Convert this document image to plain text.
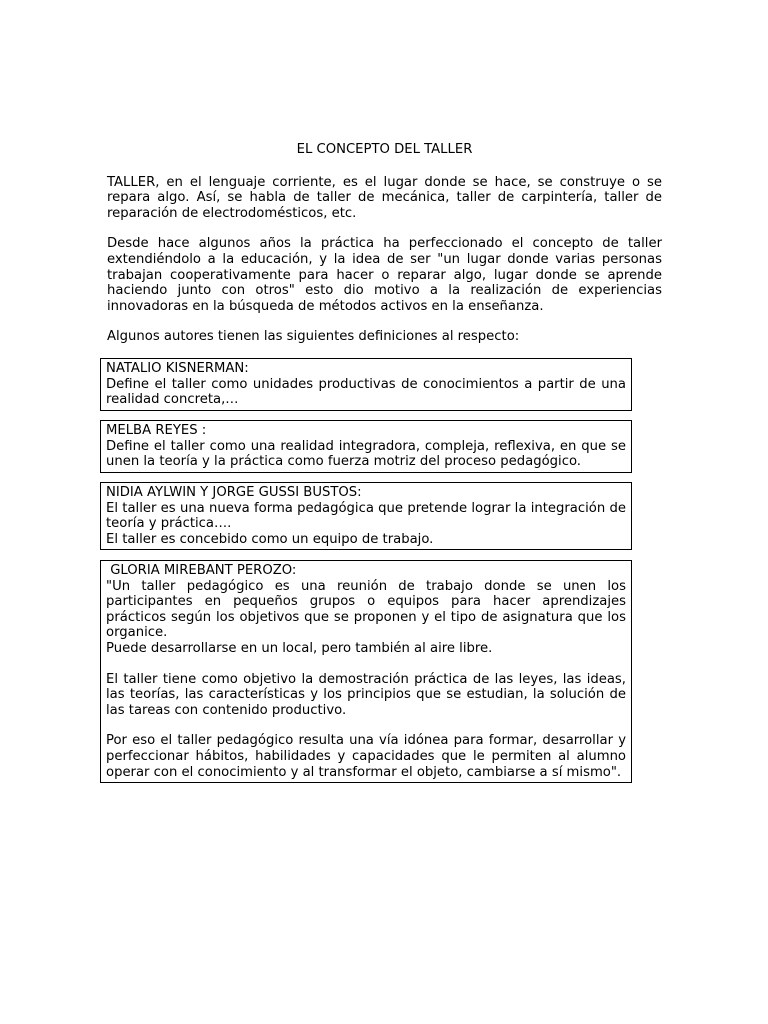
EL CONCEPTO DEL TALLER

TALLER, en el lenguaje corriente, es el lugar donde se hace, se construye o se repara algo. Así, se habla de taller de mecánica, taller de carpintería, taller de reparación de electrodomésticos, etc.

Desde hace algunos años la práctica ha perfeccionado el concepto de taller extendiéndolo a la educación, y la idea de ser "un lugar donde varias personas trabajan cooperativamente para hacer o reparar algo, lugar donde se aprende haciendo junto con otros" esto dio motivo a la realización de experiencias innovadoras en la búsqueda de métodos activos en la enseñanza.

Algunos autores tienen las siguientes definiciones al respecto:

NATALIO KISNERMAN:

Define el taller como unidades productivas de conocimientos a partir de una realidad concreta,…

MELBA REYES :

Define el taller como una realidad integradora, compleja, reflexiva, en que se unen la teoría y la práctica como fuerza motriz del proceso pedagógico.

NIDIA AYLWIN Y JORGE GUSSI BUSTOS:

El taller es una nueva forma pedagógica que pretende lograr la integración de teoría y práctica….

El taller es concebido como un equipo de trabajo.

GLORIA MIREBANT PEROZO:

"Un taller pedagógico es una reunión de trabajo donde se unen los participantes en pequeños grupos o equipos para hacer aprendizajes prácticos según los objetivos que se proponen y el tipo de asignatura que los organice.

Puede desarrollarse en un local, pero también al aire libre.

El taller tiene como objetivo la demostración práctica de las leyes, las ideas, las teorías, las características y los principios que se estudian, la solución de las tareas con contenido productivo.

Por eso el taller pedagógico resulta una vía idónea para formar, desarrollar y perfeccionar hábitos, habilidades y capacidades que le permiten al alumno operar con el conocimiento y al transformar el objeto, cambiarse a sí mismo".
